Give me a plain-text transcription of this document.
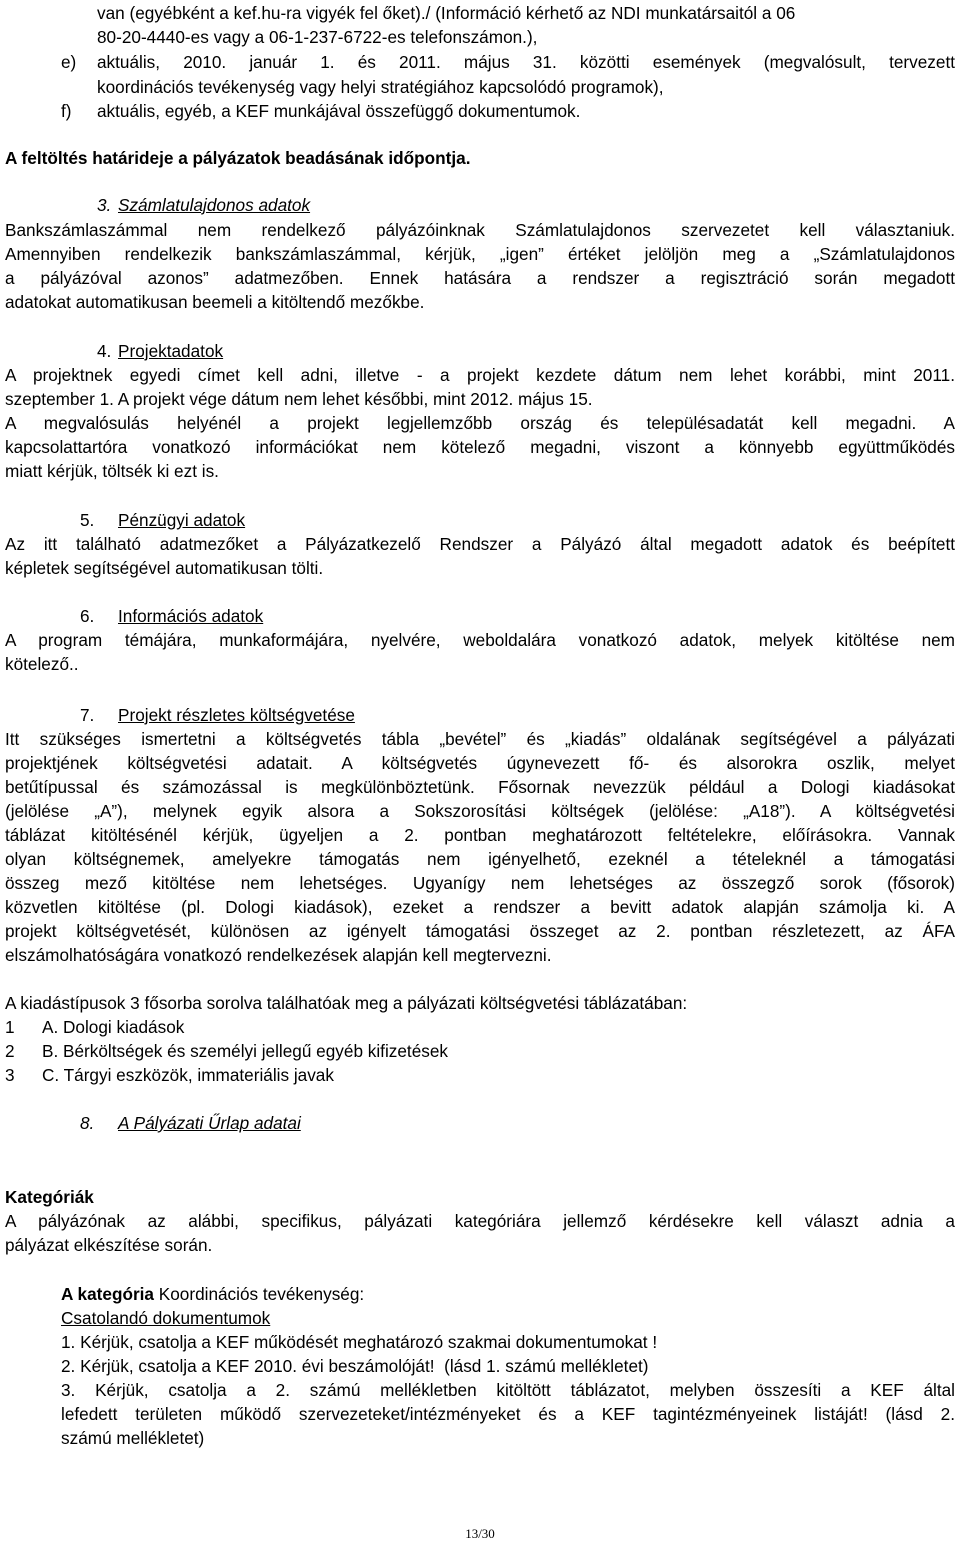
van (egyébként a kef.hu-ra vigyék fel őket)./ (Információ kérhető az NDI munkatársaitól a 06
80-20-4440-es vagy a 06-1-237-6722-es telefonszámon.),
e) aktuális, 2010. január 1. és 2011. május 31. közötti események (megvalósult, tervezett
koordinációs tevékenység vagy helyi stratégiához kapcsolódó programok),
f) aktuális, egyéb, a KEF munkájával összefüggő dokumentumok.
A feltöltés határideje a pályázatok beadásának időpontja.
3. Számlatulajdonos adatok
Bankszámlaszámmal nem rendelkező pályázóinknak Számlatulajdonos szervezetet kell választaniuk.
Amennyiben rendelkezik bankszámlaszámmal, kérjük, „igen” értéket jelöljön meg a „Számlatulajdonos
a pályázóval azonos” adatmezőben. Ennek hatására a rendszer a regisztráció során megadott
adatokat automatikusan beemeli a kitöltendő mezőkbe.
4. Projektadatok
A projektnek egyedi címet kell adni, illetve - a projekt kezdete dátum nem lehet korábbi, mint 2011.
szeptember 1. A projekt vége dátum nem lehet későbbi, mint 2012. május 15.
A megvalósulás helyénél a projekt legjellemzőbb ország és településadatát kell megadni. A
kapcsolattartóra vonatkozó információkat nem kötelező megadni, viszont a könnyebb együttműködés
miatt kérjük, töltsék ki ezt is.
5. Pénzügyi adatok
Az itt található adatmezőket a Pályázatkezelő Rendszer a Pályázó által megadott adatok és beépített
képletek segítségével automatikusan tölti.
6. Információs adatok
A program témájára, munkaformájára, nyelvére, weboldalára vonatkozó adatok, melyek kitöltése nem
kötelező..
7. Projekt részletes költségvetése
Itt szükséges ismertetni a költségvetés tábla „bevétel” és „kiadás” oldalának segítségével a pályázati
projektjének költségvetési adatait. A költségvetés úgynevezett fő- és alsorokra oszlik, melyet
betűtípussal és számozással is megkülönböztetünk. Fősornak nevezzük például a Dologi kiadásokat
(jelölése „A”), melynek egyik alsora a Sokszorosítási költségek (jelölése: „A18”). A költségvetési
táblázat kitöltésénél kérjük, ügyeljen a 2. pontban meghatározott feltételekre, előírásokra. Vannak
olyan költségnemek, amelyekre támogatás nem igényelhető, ezeknél a tételeknél a támogatási
összeg mező kitöltése nem lehetséges. Ugyanígy nem lehetséges az összegző sorok (fősorok)
közvetlen kitöltése (pl. Dologi kiadások), ezeket a rendszer a bevitt adatok alapján számolja ki. A
projekt költségvetését, különösen az igényelt támogatási összeget az 2. pontban részletezett, az ÁFA
elszámolhatóságára vonatkozó rendelkezések alapján kell megtervezni.
A kiadástípusok 3 fősorba sorolva találhatóak meg a pályázati költségvetési táblázatában:
1 A. Dologi kiadások
2 B. Bérköltségek és személyi jellegű egyéb kifizetések
3 C. Tárgyi eszközök, immateriális javak
8. A Pályázati Űrlap adatai
Kategóriák
A pályázónak az alábbi, specifikus, pályázati kategóriára jellemző kérdésekre kell választ adnia a
pályázat elkészítése során.
A kategória Koordinációs tevékenység:
Csatolandó dokumentumok
1. Kérjük, csatolja a KEF működését meghatározó szakmai dokumentumokat !
2. Kérjük, csatolja a KEF 2010. évi beszámolóját!  (lásd 1. számú mellékletet)
3. Kérjük, csatolja a 2. számú mellékletben kitöltött táblázatot, melyben összesíti a KEF által
lefedett területen működő szervezeteket/intézményeket és a KEF tagintézményeinek listáját! (lásd 2.
számú mellékletet)
13/30
